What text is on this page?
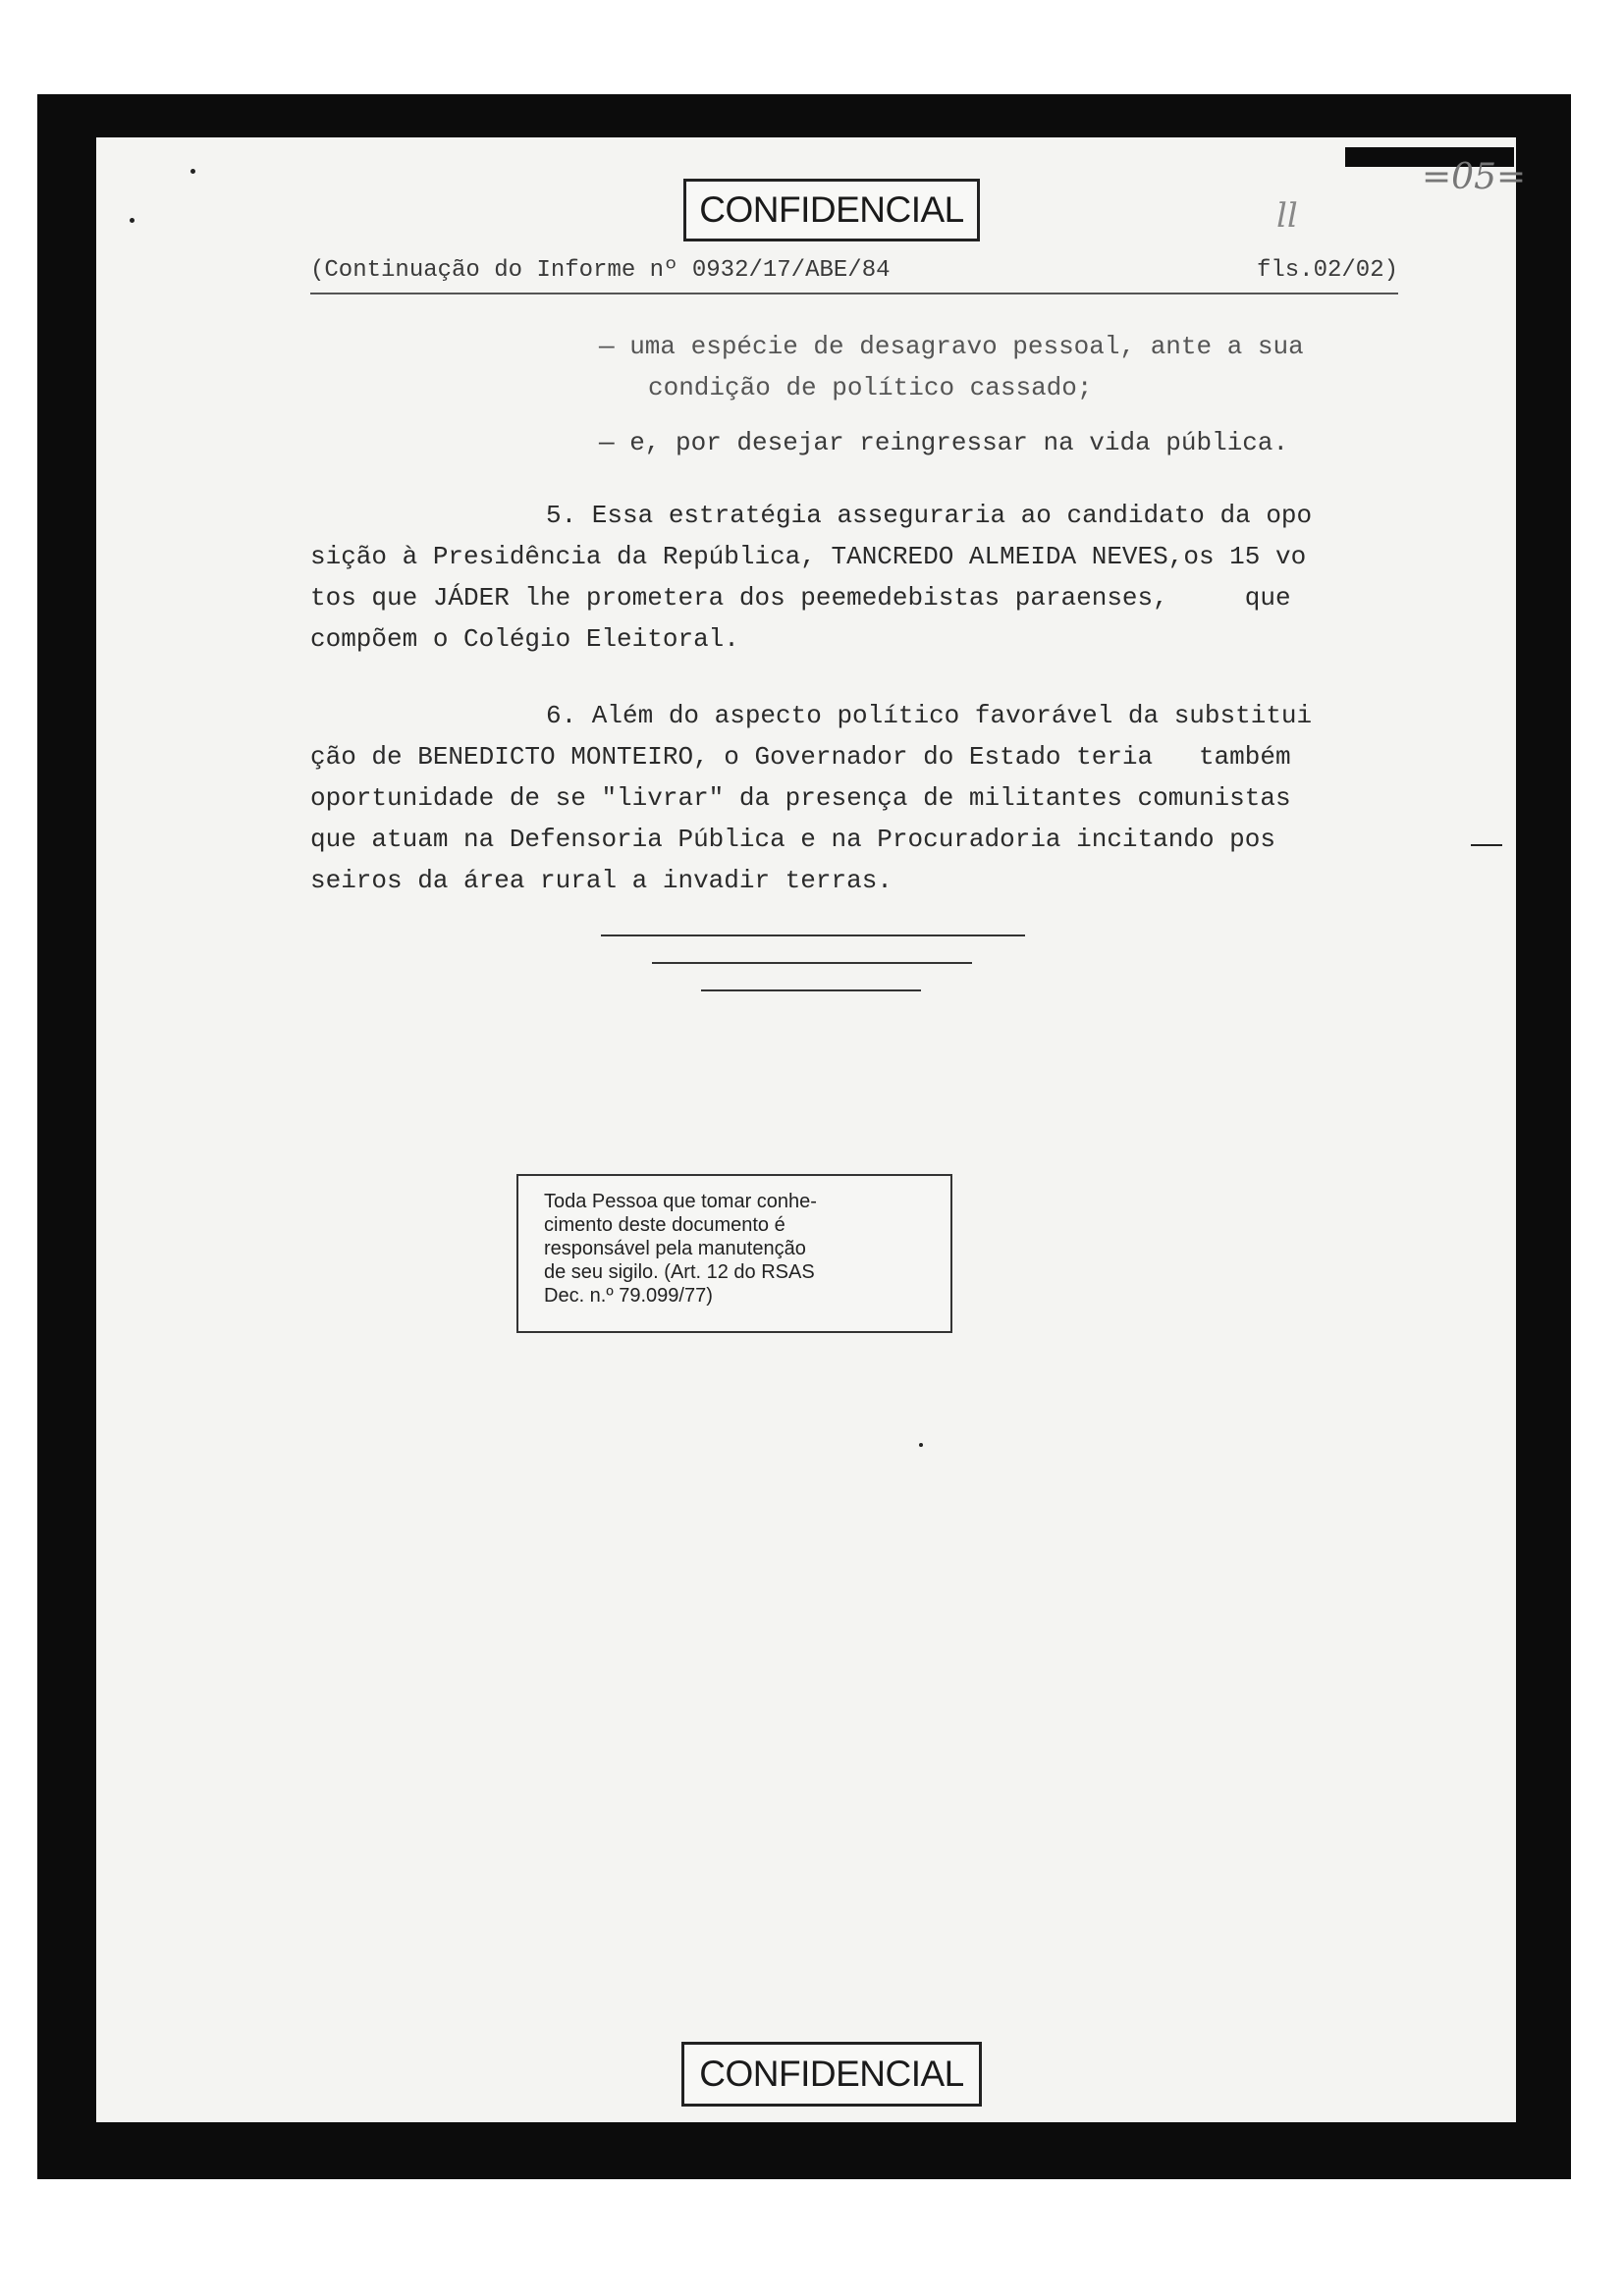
CONFIDENCIAL
=05=
ll
(Continuação do Informe nº 0932/17/ABE/84	fls.02/02)
— uma espécie de desagravo pessoal, ante a sua
condição de político cassado;
— e, por desejar reingressar na vida pública.
5. Essa estratégia asseguraria ao candidato da opo
sição à Presidência da República, TANCREDO ALMEIDA NEVES,os 15 vo
tos que JÁDER lhe prometera dos peemedebistas paraenses,     que
compõem o Colégio Eleitoral.
6. Além do aspecto político favorável da substitui
ção de BENEDICTO MONTEIRO, o Governador do Estado teria   também
oportunidade de se "livrar" da presença de militantes comunistas
que atuam na Defensoria Pública e na Procuradoria incitando pos
seiros da área rural a invadir terras.
Toda Pessoa que tomar conhe-
cimento deste documento é
responsável pela manutenção
de seu sigilo. (Art. 12 do RSAS
Dec. n.º 79.099/77)
CONFIDENCIAL
